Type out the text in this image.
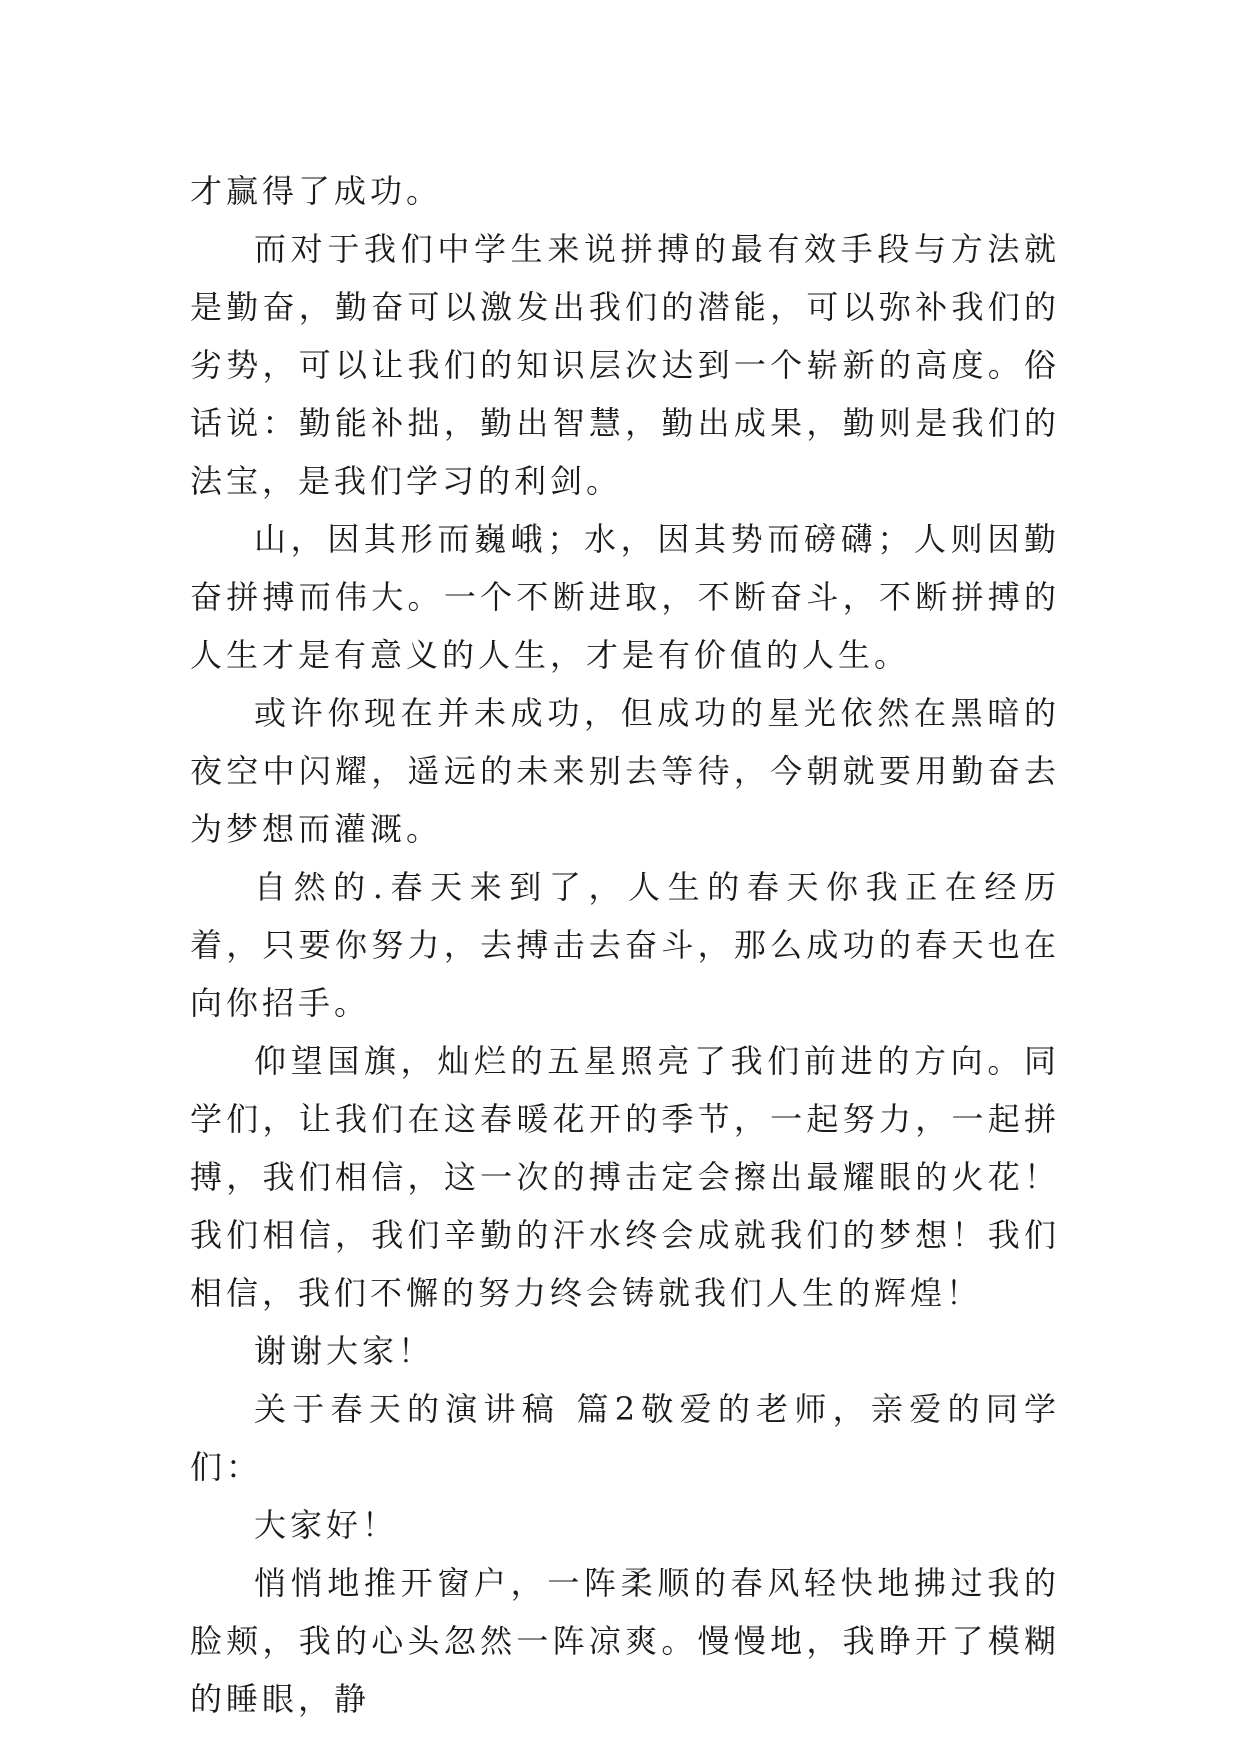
才赢得了成功。

而对于我们中学生来说拼搏的最有效手段与方法就是勤奋，勤奋可以激发出我们的潜能，可以弥补我们的劣势，可以让我们的知识层次达到一个崭新的高度。俗话说：勤能补拙，勤出智慧，勤出成果，勤则是我们的法宝，是我们学习的利剑。

山，因其形而巍峨；水，因其势而磅礴；人则因勤奋拼搏而伟大。一个不断进取，不断奋斗，不断拼搏的人生才是有意义的人生，才是有价值的人生。

或许你现在并未成功，但成功的星光依然在黑暗的夜空中闪耀，遥远的未来别去等待，今朝就要用勤奋去为梦想而灌溉。

自然的.春天来到了，人生的春天你我正在经历着，只要你努力，去搏击去奋斗，那么成功的春天也在向你招手。

仰望国旗，灿烂的五星照亮了我们前进的方向。同学们，让我们在这春暖花开的季节，一起努力，一起拼搏，我们相信，这一次的搏击定会擦出最耀眼的火花！我们相信，我们辛勤的汗水终会成就我们的梦想！我们相信，我们不懈的努力终会铸就我们人生的辉煌！

谢谢大家！

关于春天的演讲稿 篇2敬爱的老师，亲爱的同学们：

大家好！

悄悄地推开窗户，一阵柔顺的春风轻快地拂过我的脸颊，我的心头忽然一阵凉爽。慢慢地，我睁开了模糊的睡眼，静
